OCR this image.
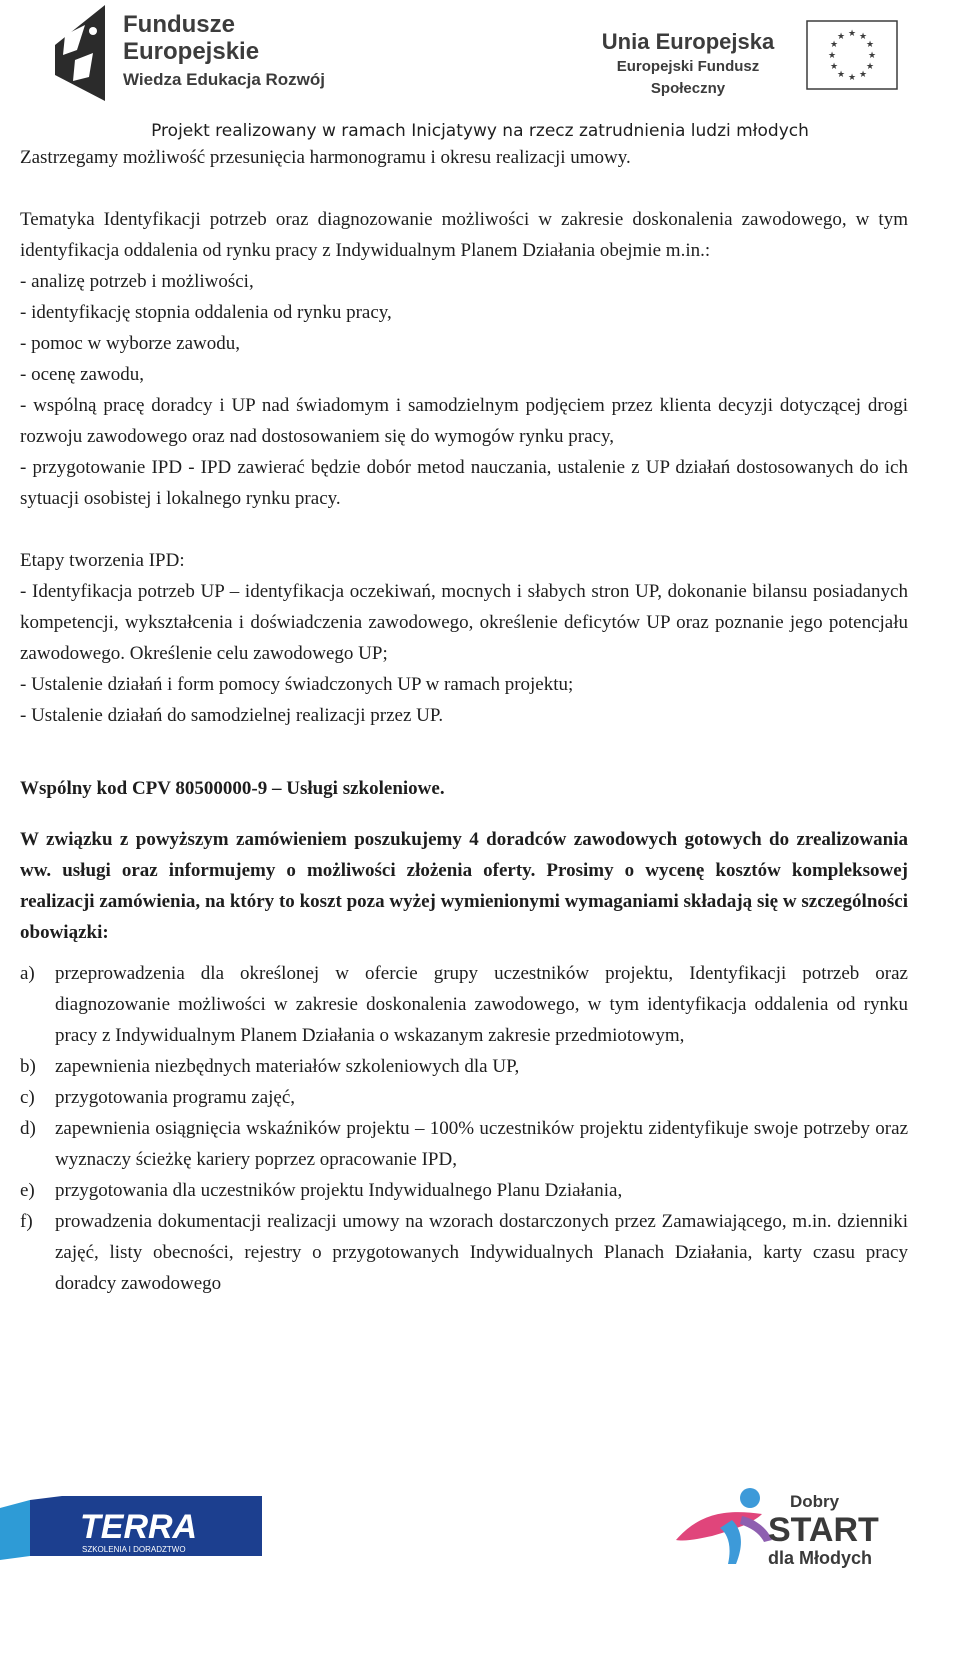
Fundusze
Europejskie
Wiedza Edukacja Rozwój
Unia Europejska
Europejski Fundusz Społeczny
★ ★
★
★
★
★
★
★
★
★
★
★
Projekt realizowany w ramach Inicjatywy na rzecz zatrudnienia ludzi młodych

Zastrzegamy możliwość przesunięcia harmonogramu i okresu realizacji umowy.

Tematyka Identyfikacji potrzeb oraz diagnozowanie możliwości w zakresie doskonalenia zawodowego, w tym identyfikacja oddalenia od rynku pracy z Indywidualnym Planem Działania obejmie m.in.:

- analizę potrzeb i możliwości,

- identyfikację stopnia oddalenia od rynku pracy,

- pomoc w wyborze zawodu,

- ocenę zawodu,

- wspólną pracę doradcy i UP nad świadomym i samodzielnym podjęciem przez klienta decyzji dotyczącej drogi rozwoju zawodowego oraz nad dostosowaniem się do wymogów rynku pracy,

- przygotowanie IPD - IPD zawierać będzie dobór metod nauczania, ustalenie z UP działań dostosowanych do ich sytuacji osobistej i lokalnego rynku pracy.

Etapy tworzenia IPD:

- Identyfikacja potrzeb UP – identyfikacja oczekiwań, mocnych i słabych stron UP, dokonanie bilansu posiadanych kompetencji, wykształcenia i doświadczenia zawodowego, określenie deficytów UP oraz poznanie jego potencjału zawodowego. Określenie celu zawodowego UP;

- Ustalenie działań i form pomocy świadczonych UP w ramach projektu;

- Ustalenie działań do samodzielnej realizacji przez UP.

Wspólny kod CPV 80500000-9 – Usługi szkoleniowe.

W związku z powyższym zamówieniem poszukujemy 4 doradców zawodowych gotowych do zrealizowania ww. usługi oraz informujemy o możliwości złożenia oferty. Prosimy o wycenę kosztów kompleksowej realizacji zamówienia, na który to koszt poza wyżej wymienionymi wymaganiami składają się w szczególności obowiązki:

a) przeprowadzenia dla określonej w ofercie grupy uczestników projektu, Identyfikacji potrzeb oraz diagnozowanie możliwości w zakresie doskonalenia zawodowego, w tym identyfikacja oddalenia od rynku pracy z Indywidualnym Planem Działania o wskazanym zakresie przedmiotowym,
b) zapewnienia niezbędnych materiałów szkoleniowych dla UP,
c) przygotowania programu zajęć,
d) zapewnienia osiągnięcia wskaźników projektu – 100% uczestników projektu zidentyfikuje swoje potrzeby oraz wyznaczy ścieżkę kariery poprzez opracowanie IPD,
e) przygotowania dla uczestników projektu Indywidualnego Planu Działania,
f) prowadzenia dokumentacji realizacji umowy na wzorach dostarczonych przez Zamawiającego, m.in. dzienniki zajęć, listy obecności, rejestry o przygotowanych Indywidualnych Planach Działania, karty czasu pracy doradcy zawodowego
TERRA
SZKOLENIA I DORADZTWO
Dobry
START
dla Młodych
